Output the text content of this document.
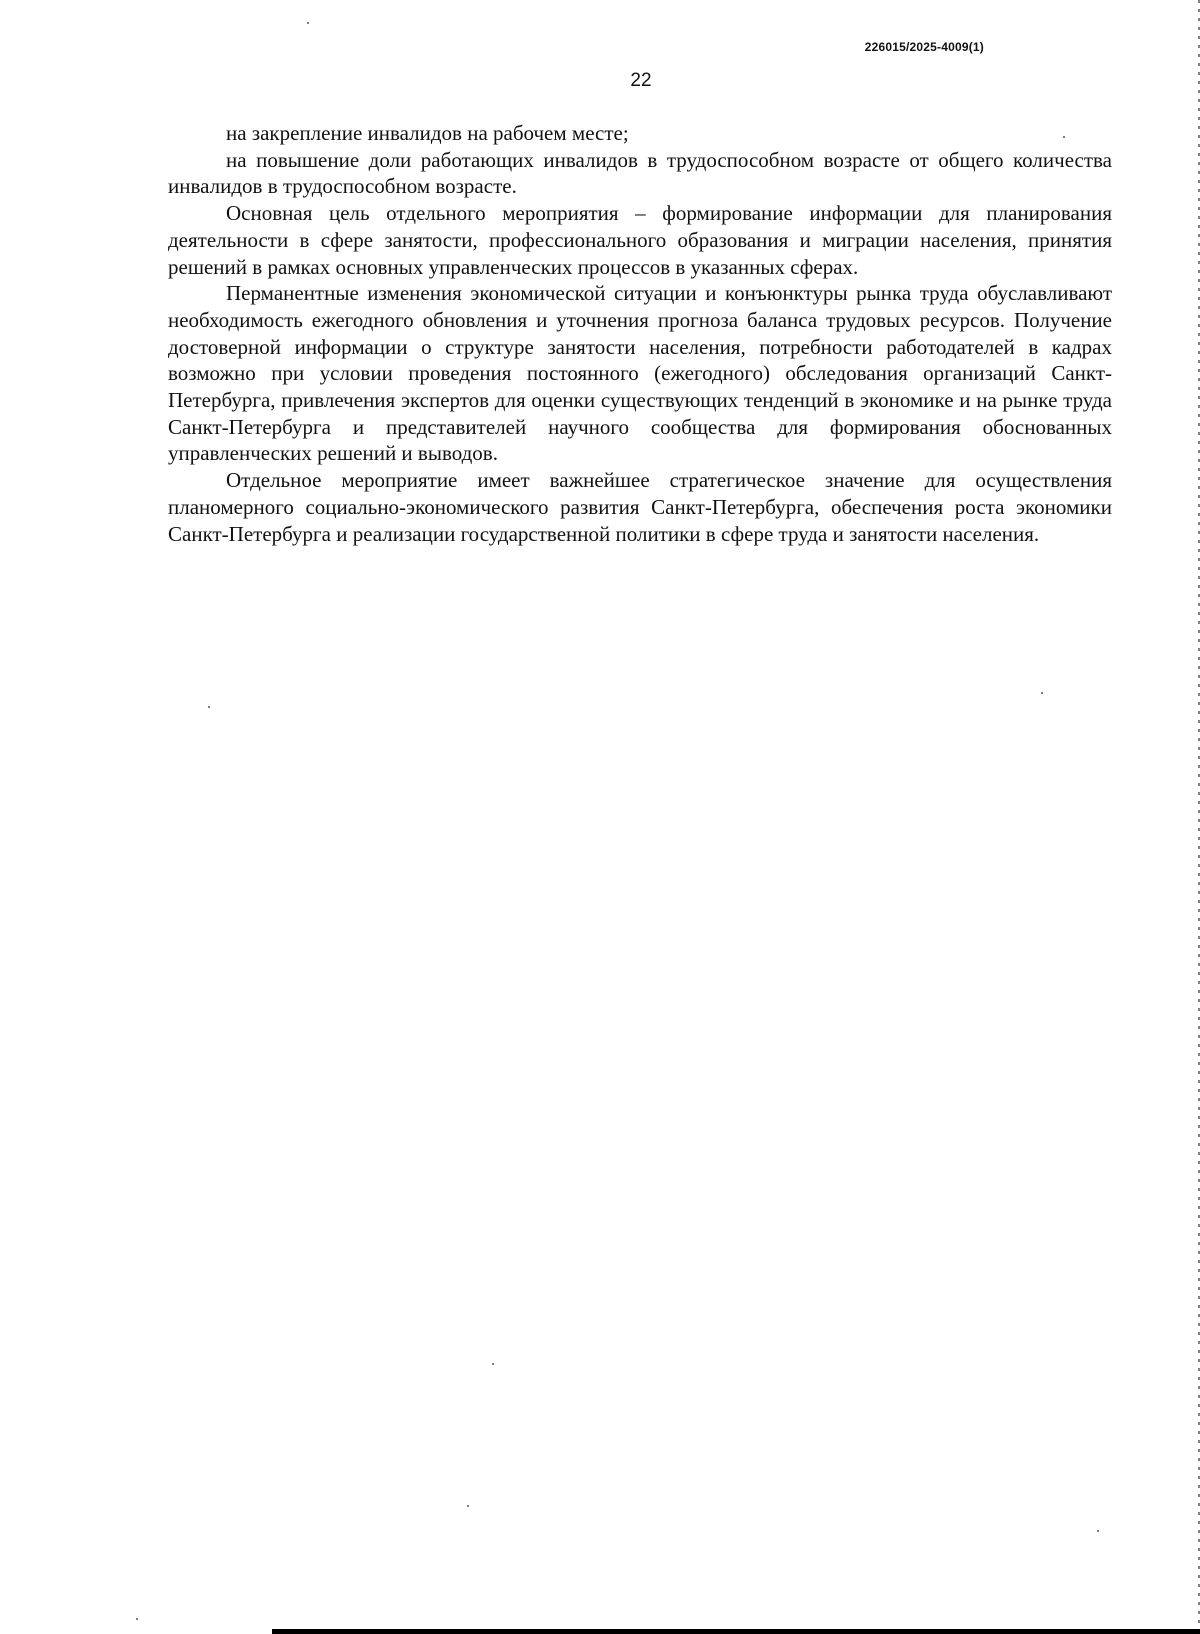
226015/2025-4009(1)
22

на закрепление инвалидов на рабочем месте;

на повышение доли работающих инвалидов в трудоспособном возрасте от общего количества инвалидов в трудоспособном возрасте.

Основная цель отдельного мероприятия – формирование информации для планирования деятельности в сфере занятости, профессионального образования и миграции населения, принятия решений в рамках основных управленческих процессов в указанных сферах.

Перманентные изменения экономической ситуации и конъюнктуры рынка труда обуславливают необходимость ежегодного обновления и уточнения прогноза баланса трудовых ресурсов. Получение достоверной информации о структуре занятости населения, потребности работодателей в кадрах возможно при условии проведения постоянного (ежегодного) обследования организаций Санкт-Петербурга, привлечения экспертов для оценки существующих тенденций в экономике и на рынке труда Санкт-Петербурга и представителей научного сообщества для формирования обоснованных управленческих решений и выводов.

Отдельное мероприятие имеет важнейшее стратегическое значение для осуществления планомерного социально-экономического развития Санкт-Петербурга, обеспечения роста экономики Санкт-Петербурга и реализации государственной политики в сфере труда и занятости населения.
